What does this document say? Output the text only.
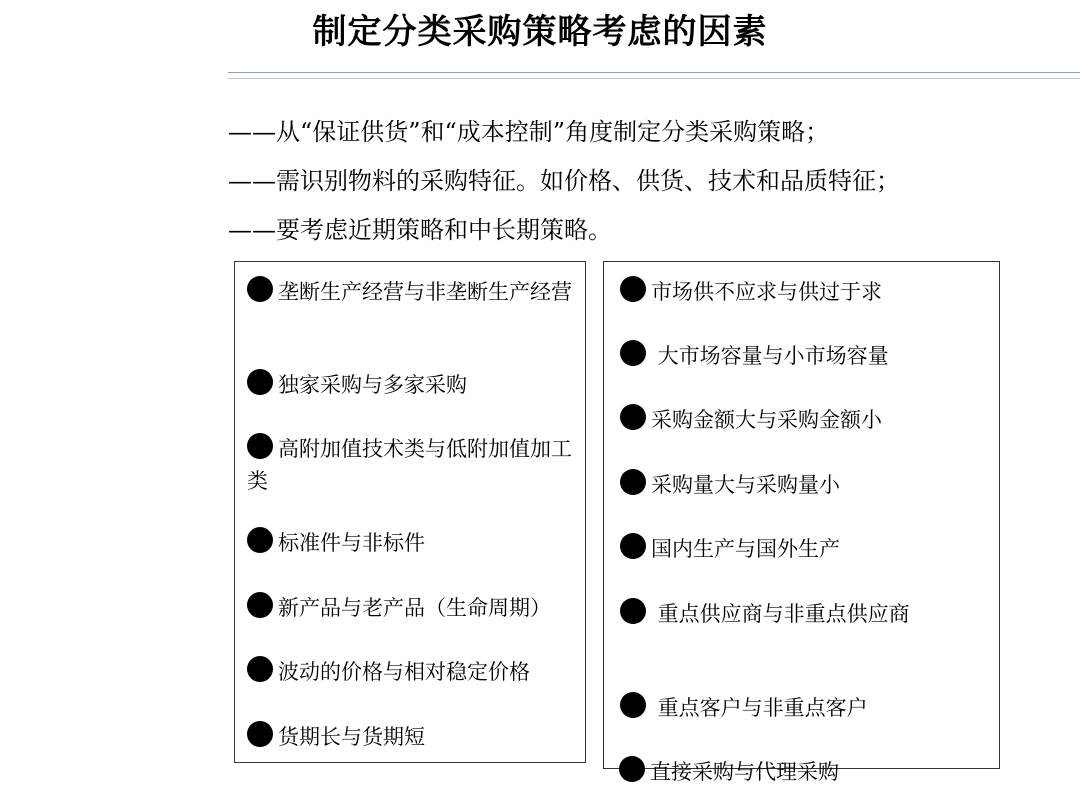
制定分类采购策略考虑的因素
——从“保证供货”和“成本控制”角度制定分类采购策略；
——需识别物料的采购特征。如价格、供货、技术和品质特征；
——要考虑近期策略和中长期策略。
垄断生产经营与非垄断生产经营
独家采购与多家采购
高附加值技术类与低附加值加工类
标准件与非标件
新产品与老产品（生命周期）
波动的价格与相对稳定价格
货期长与货期短
市场供不应求与供过于求
大市场容量与小市场容量
采购金额大与采购金额小
采购量大与采购量小
国内生产与国外生产
重点供应商与非重点供应商
重点客户与非重点客户
直接采购与代理采购
